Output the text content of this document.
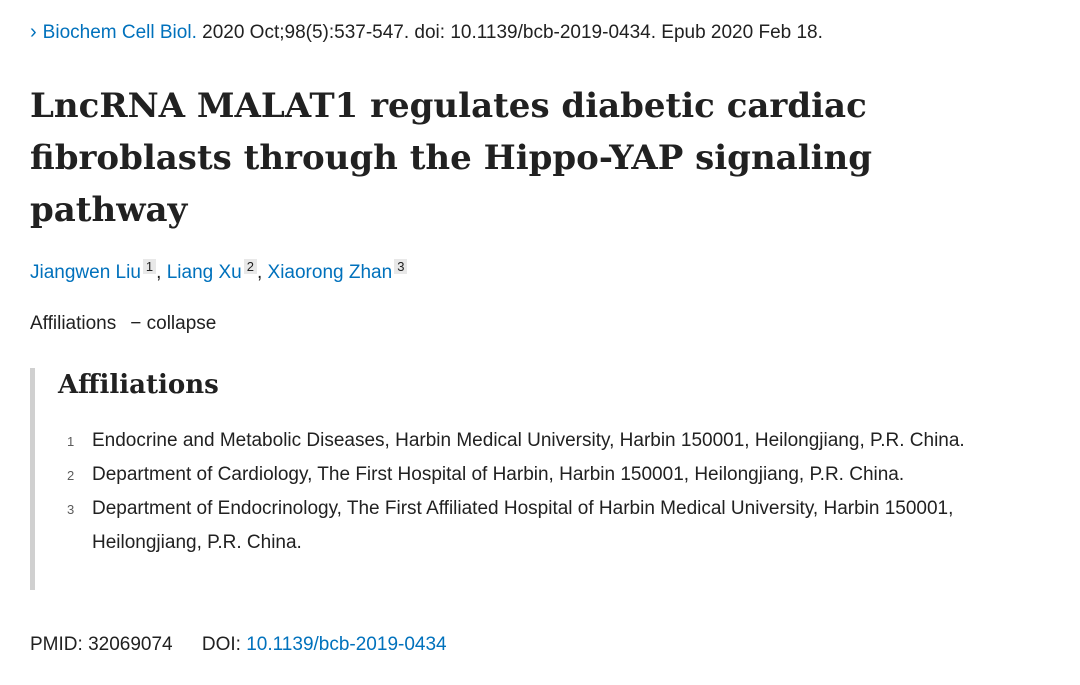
› Biochem Cell Biol. 2020 Oct;98(5):537-547. doi: 10.1139/bcb-2019-0434. Epub 2020 Feb 18.
LncRNA MALAT1 regulates diabetic cardiac fibroblasts through the Hippo-YAP signaling pathway
Jiangwen Liu $^1$ , Liang Xu $^2$ , Xiaorong Zhan $^3$
Affiliations − collapse
Affiliations
1 Endocrine and Metabolic Diseases, Harbin Medical University, Harbin 150001, Heilongjiang, P.R. China.
2 Department of Cardiology, The First Hospital of Harbin, Harbin 150001, Heilongjiang, P.R. China.
3 Department of Endocrinology, The First Affiliated Hospital of Harbin Medical University, Harbin 150001, Heilongjiang, P.R. China.
PMID: 32069074 DOI: 10.1139/bcb-2019-0434
